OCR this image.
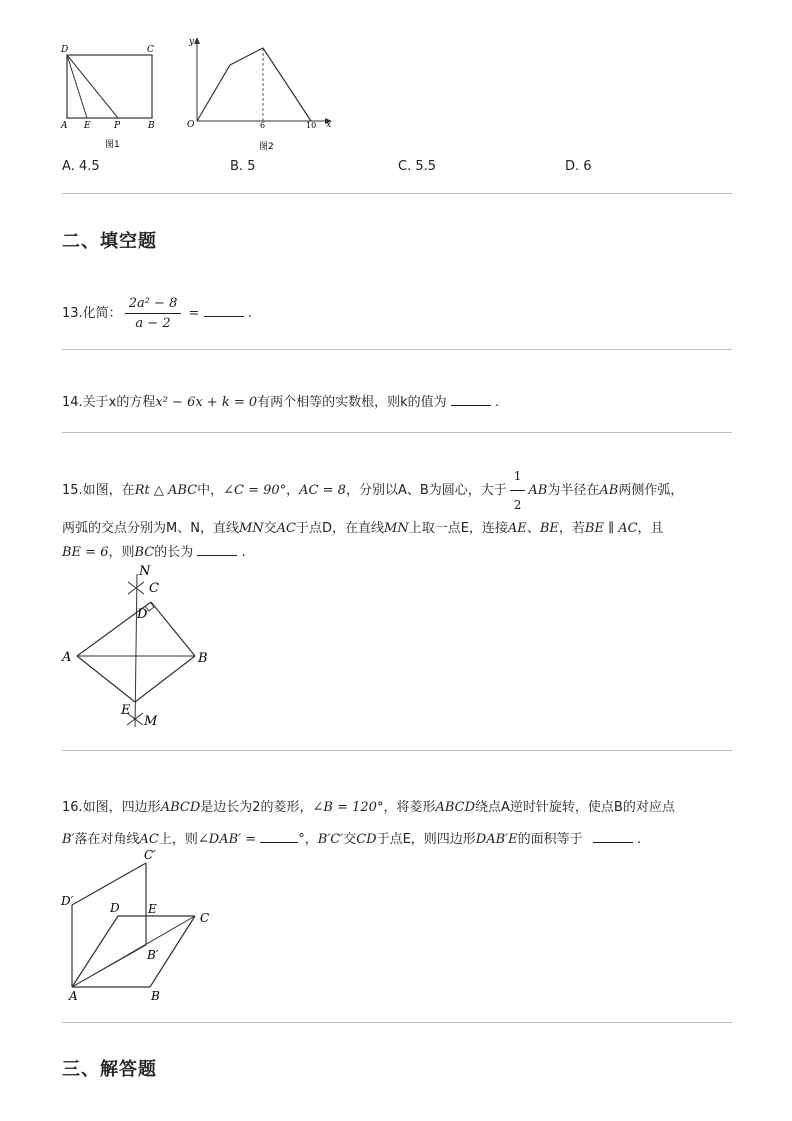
D	C
A E	P	B
图1
y
x
O	6	10
图2
A. 4.5	B. 5	C. 5.5	D. 6
二、填空题
13.化简： $\frac{\text{2a² − 8}}{a - 2}$ =	.
14.关于x的方程x² − 6x + k = 0有两个相等的实数根，则k的值为	.
15.如图，在Rt △ ABC中，∠C = 90°，AC = 8，分别以A、B为圆心，大于 $\frac{1}{2}$ AB为半径在AB两侧作弧，
两弧的交点分别为M、N，直线MN交AC于点D，在直线MN上取一点E，连接AE、BE，若BE ∥ AC，且
BE = 6，则BC的长为	.
N
C
D
A	B
E
M
16.如图，四边形ABCD是边长为2的菱形，∠B = 120°，将菱形ABCD绕点A逆时针旋转，使点B的对应点
B′落在对角线AC上，则∠DAB′ =	°，B′C′交CD于点E，则四边形DAB′E的面积等于	.
C′
D′	D E
C
B′
A	B
三、解答题
